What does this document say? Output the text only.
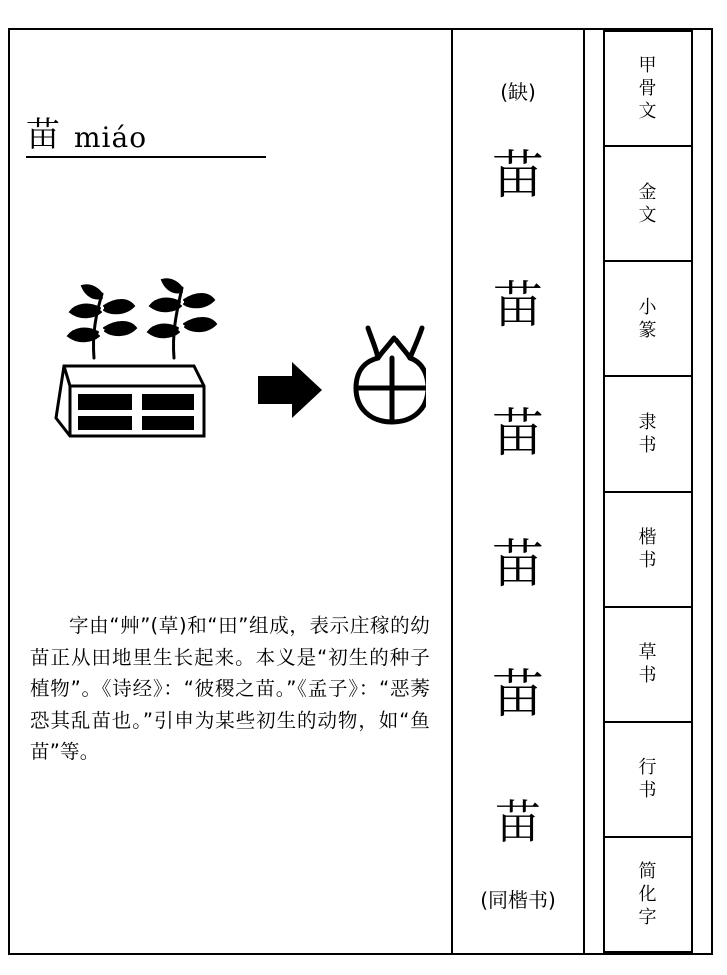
苗 miáo
字由“艸”(草)和“田”组成，表示庄稼的幼苗正从田地里生长起来。本义是“初生的种子植物”。《诗经》：“彼稷之苗。”《孟子》：“恶莠恐其乱苗也。”引申为某些初生的动物，如“鱼苗”等。
(缺)
苗
苗
苗
苗
苗
苗
(同楷书)
甲
骨
文
金
文
小
篆
隶
书
楷
书
草
书
行
书
简
化
字
